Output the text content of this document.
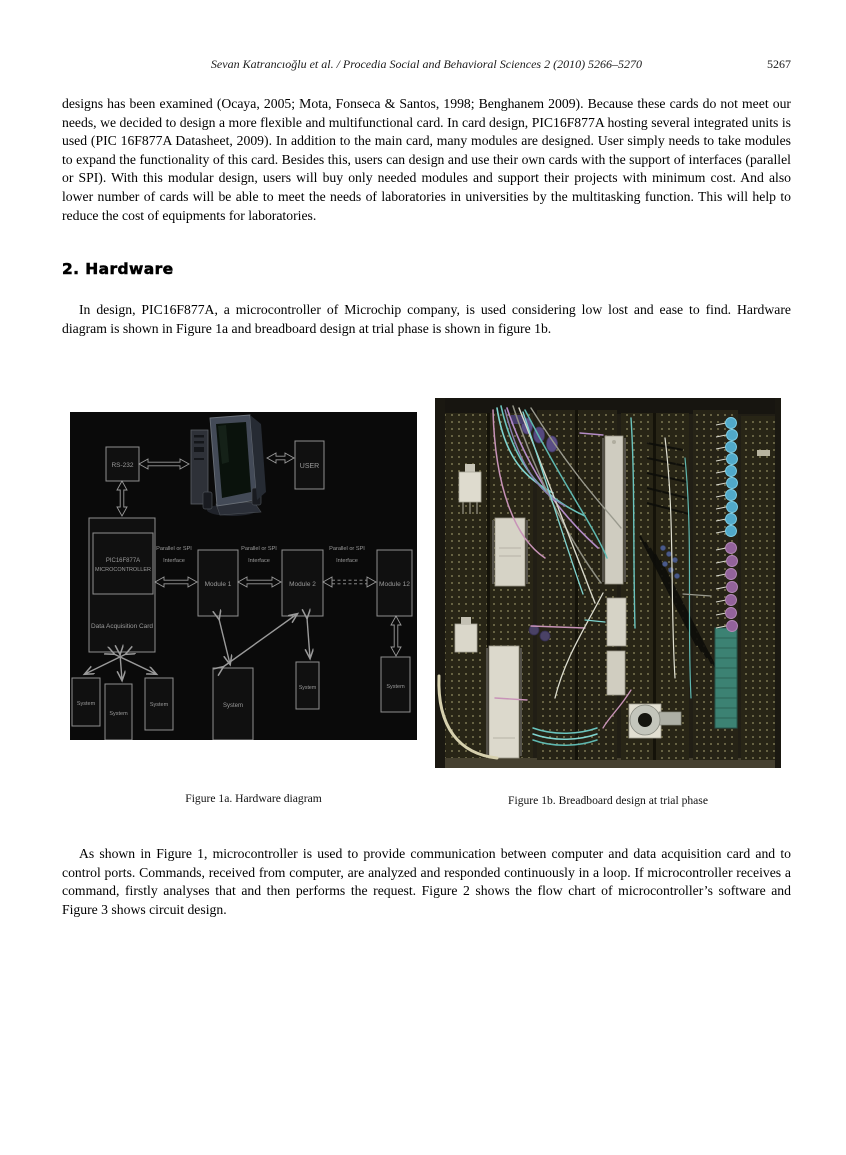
Sevan Katrancıoğlu et al. / Procedia Social and Behavioral Sciences 2 (2010) 5266–5270	5267

designs has been examined (Ocaya, 2005; Mota, Fonseca & Santos, 1998; Benghanem 2009). Because these cards do not meet our needs, we decided to design a more flexible and multifunctional card. In card design, PIC16F877A hosting several integrated units is used (PIC 16F877A Datasheet, 2009). In addition to the main card, many modules are designed. User simply needs to take modules to expand the functionality of this card. Besides this, users can design and use their own cards with the support of interfaces (parallel or SPI). With this modular design, users will buy only needed modules and support their projects with minimum cost. And also lower number of cards will be able to meet the needs of laboratories in universities by the multitasking function. This will help to reduce the cost of equipments for laboratories.

2. Hardware

In design, PIC16F877A, a microcontroller of Microchip company, is used considering low lost and ease to find. Hardware diagram is shown in Figure 1a and breadboard design at trial phase is shown in figure 1b.

RS-232	USER
PIC16F877A
MICROCONTROLLER
Data Acquisition Card
Module 1	Module 2	Module 12
Parallel or SPI
Interface
Parallel or SPI
Interface
Parallel or SPI
Interface
System
System
System	System
System	System
Figure 1a. Hardware diagram	Figure 1b. Breadboard design at trial phase

As shown in Figure 1, microcontroller is used to provide communication between computer and data acquisition card and to control ports. Commands, received from computer, are analyzed and responded continuously in a loop. If microcontroller receives a command, firstly analyses that and then performs the request. Figure 2 shows the flow chart of microcontroller’s software and Figure 3 shows circuit design.
